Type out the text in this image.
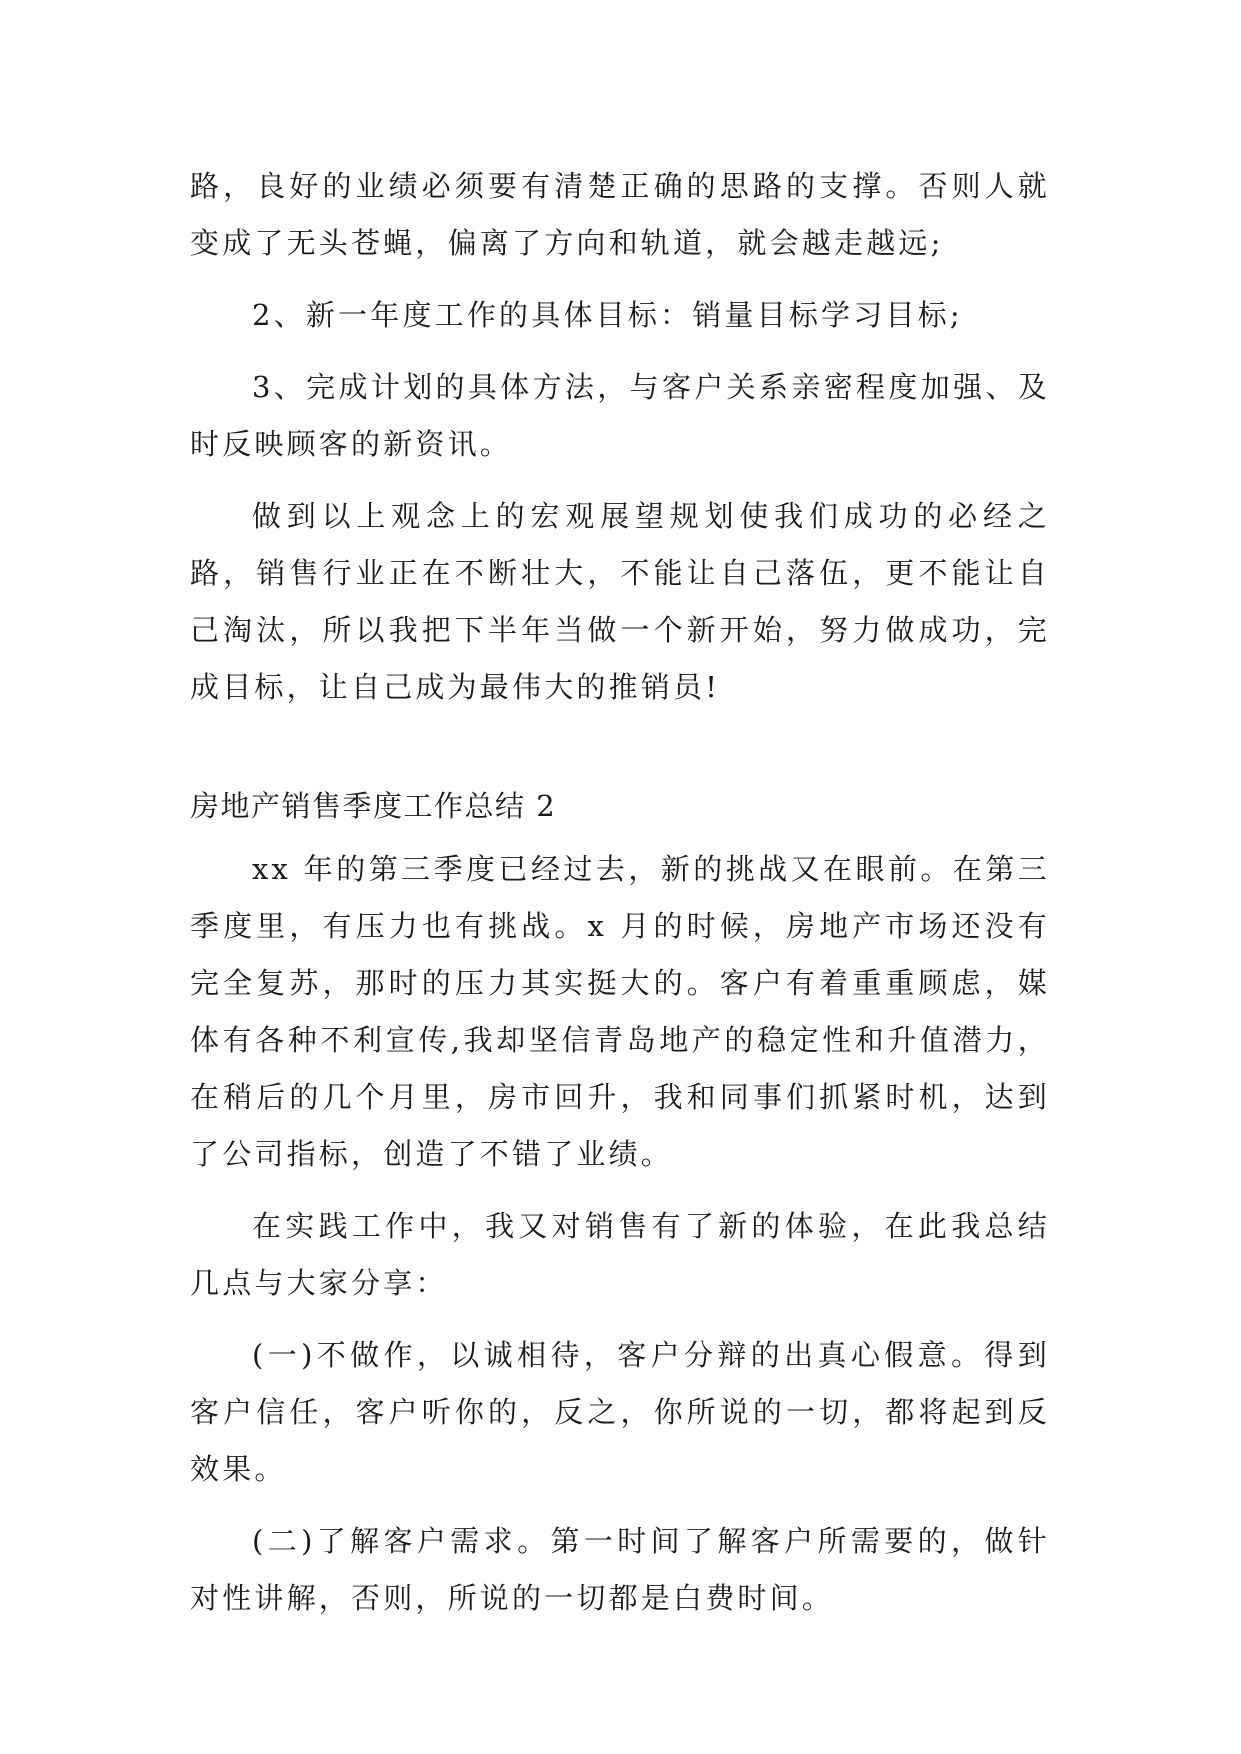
路，良好的业绩必须要有清楚正确的思路的支撑。否则人就变成了无头苍蝇，偏离了方向和轨道，就会越走越远;

2、新一年度工作的具体目标：销量目标学习目标;

3、完成计划的具体方法，与客户关系亲密程度加强、及时反映顾客的新资讯。

做到以上观念上的宏观展望规划使我们成功的必经之路，销售行业正在不断壮大，不能让自己落伍，更不能让自己淘汰，所以我把下半年当做一个新开始，努力做成功，完成目标，让自己成为最伟大的推销员!

房地产销售季度工作总结 2

xx 年的第三季度已经过去，新的挑战又在眼前。在第三季度里，有压力也有挑战。x 月的时候，房地产市场还没有完全复苏，那时的压力其实挺大的。客户有着重重顾虑，媒体有各种不利宣传,我却坚信青岛地产的稳定性和升值潜力，在稍后的几个月里，房市回升，我和同事们抓紧时机，达到了公司指标，创造了不错了业绩。

在实践工作中，我又对销售有了新的体验，在此我总结几点与大家分享：

(一)不做作，以诚相待，客户分辩的出真心假意。得到客户信任，客户听你的，反之，你所说的一切，都将起到反效果。

(二)了解客户需求。第一时间了解客户所需要的，做针对性讲解，否则，所说的一切都是白费时间。
